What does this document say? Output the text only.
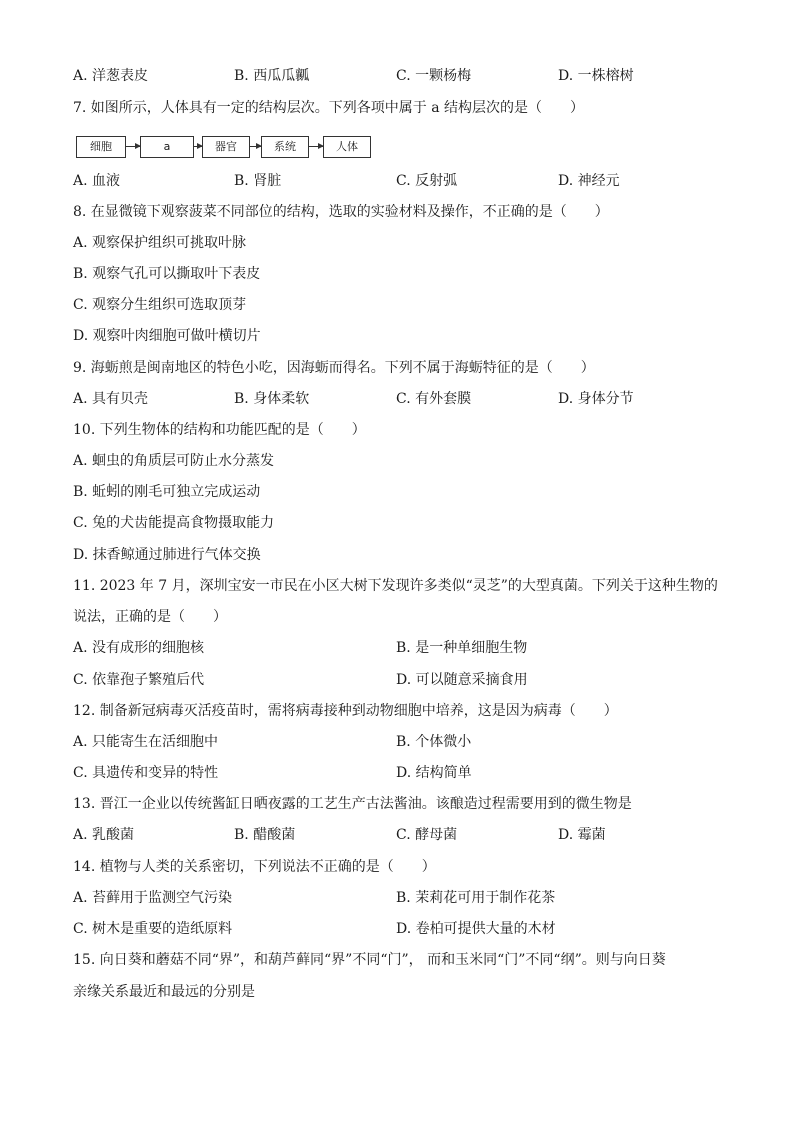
A. 洋葱表皮	B. 西瓜瓜瓤	C. 一颗杨梅	D. 一株榕树
7. 如图所示，人体具有一定的结构层次。下列各项中属于 a 结构层次的是（　　）
细胞	a	器官	系统	人体
A. 血液	B. 肾脏	C. 反射弧	D. 神经元
8. 在显微镜下观察菠菜不同部位的结构，选取的实验材料及操作，不正确的是（　　）
A. 观察保护组织可挑取叶脉
B. 观察气孔可以撕取叶下表皮
C. 观察分生组织可选取顶芽
D. 观察叶肉细胞可做叶横切片
9. 海蛎煎是闽南地区的特色小吃，因海蛎而得名。下列不属于海蛎特征的是（　　）
A. 具有贝壳	B. 身体柔软	C. 有外套膜	D. 身体分节
10. 下列生物体的结构和功能匹配的是（　　）
A. 蛔虫的角质层可防止水分蒸发
B. 蚯蚓的刚毛可独立完成运动
C. 兔的犬齿能提高食物摄取能力
D. 抹香鲸通过肺进行气体交换
11. 2023 年 7 月，深圳宝安一市民在小区大树下发现许多类似“灵芝”的大型真菌。下列关于这种生物的
说法，正确的是（　　）
A. 没有成形的细胞核	B. 是一种单细胞生物
C. 依靠孢子繁殖后代	D. 可以随意采摘食用
12. 制备新冠病毒灭活疫苗时，需将病毒接种到动物细胞中培养，这是因为病毒（　　）
A. 只能寄生在活细胞中	B. 个体微小
C. 具遗传和变异的特性	D. 结构简单
13. 晋江一企业以传统酱缸日晒夜露的工艺生产古法酱油。该酿造过程需要用到的微生物是
A. 乳酸菌	B. 醋酸菌	C. 酵母菌	D. 霉菌
14. 植物与人类的关系密切，下列说法不正确的是（　　）
A. 苔藓用于监测空气污染	B. 茉莉花可用于制作花茶
C. 树木是重要的造纸原料	D. 卷柏可提供大量的木材
15. 向日葵和蘑菇不同“界”，和葫芦藓同“界”不同“门”， 而和玉米同“门”不同“纲”。则与向日葵
亲缘关系最近和最远的分别是
